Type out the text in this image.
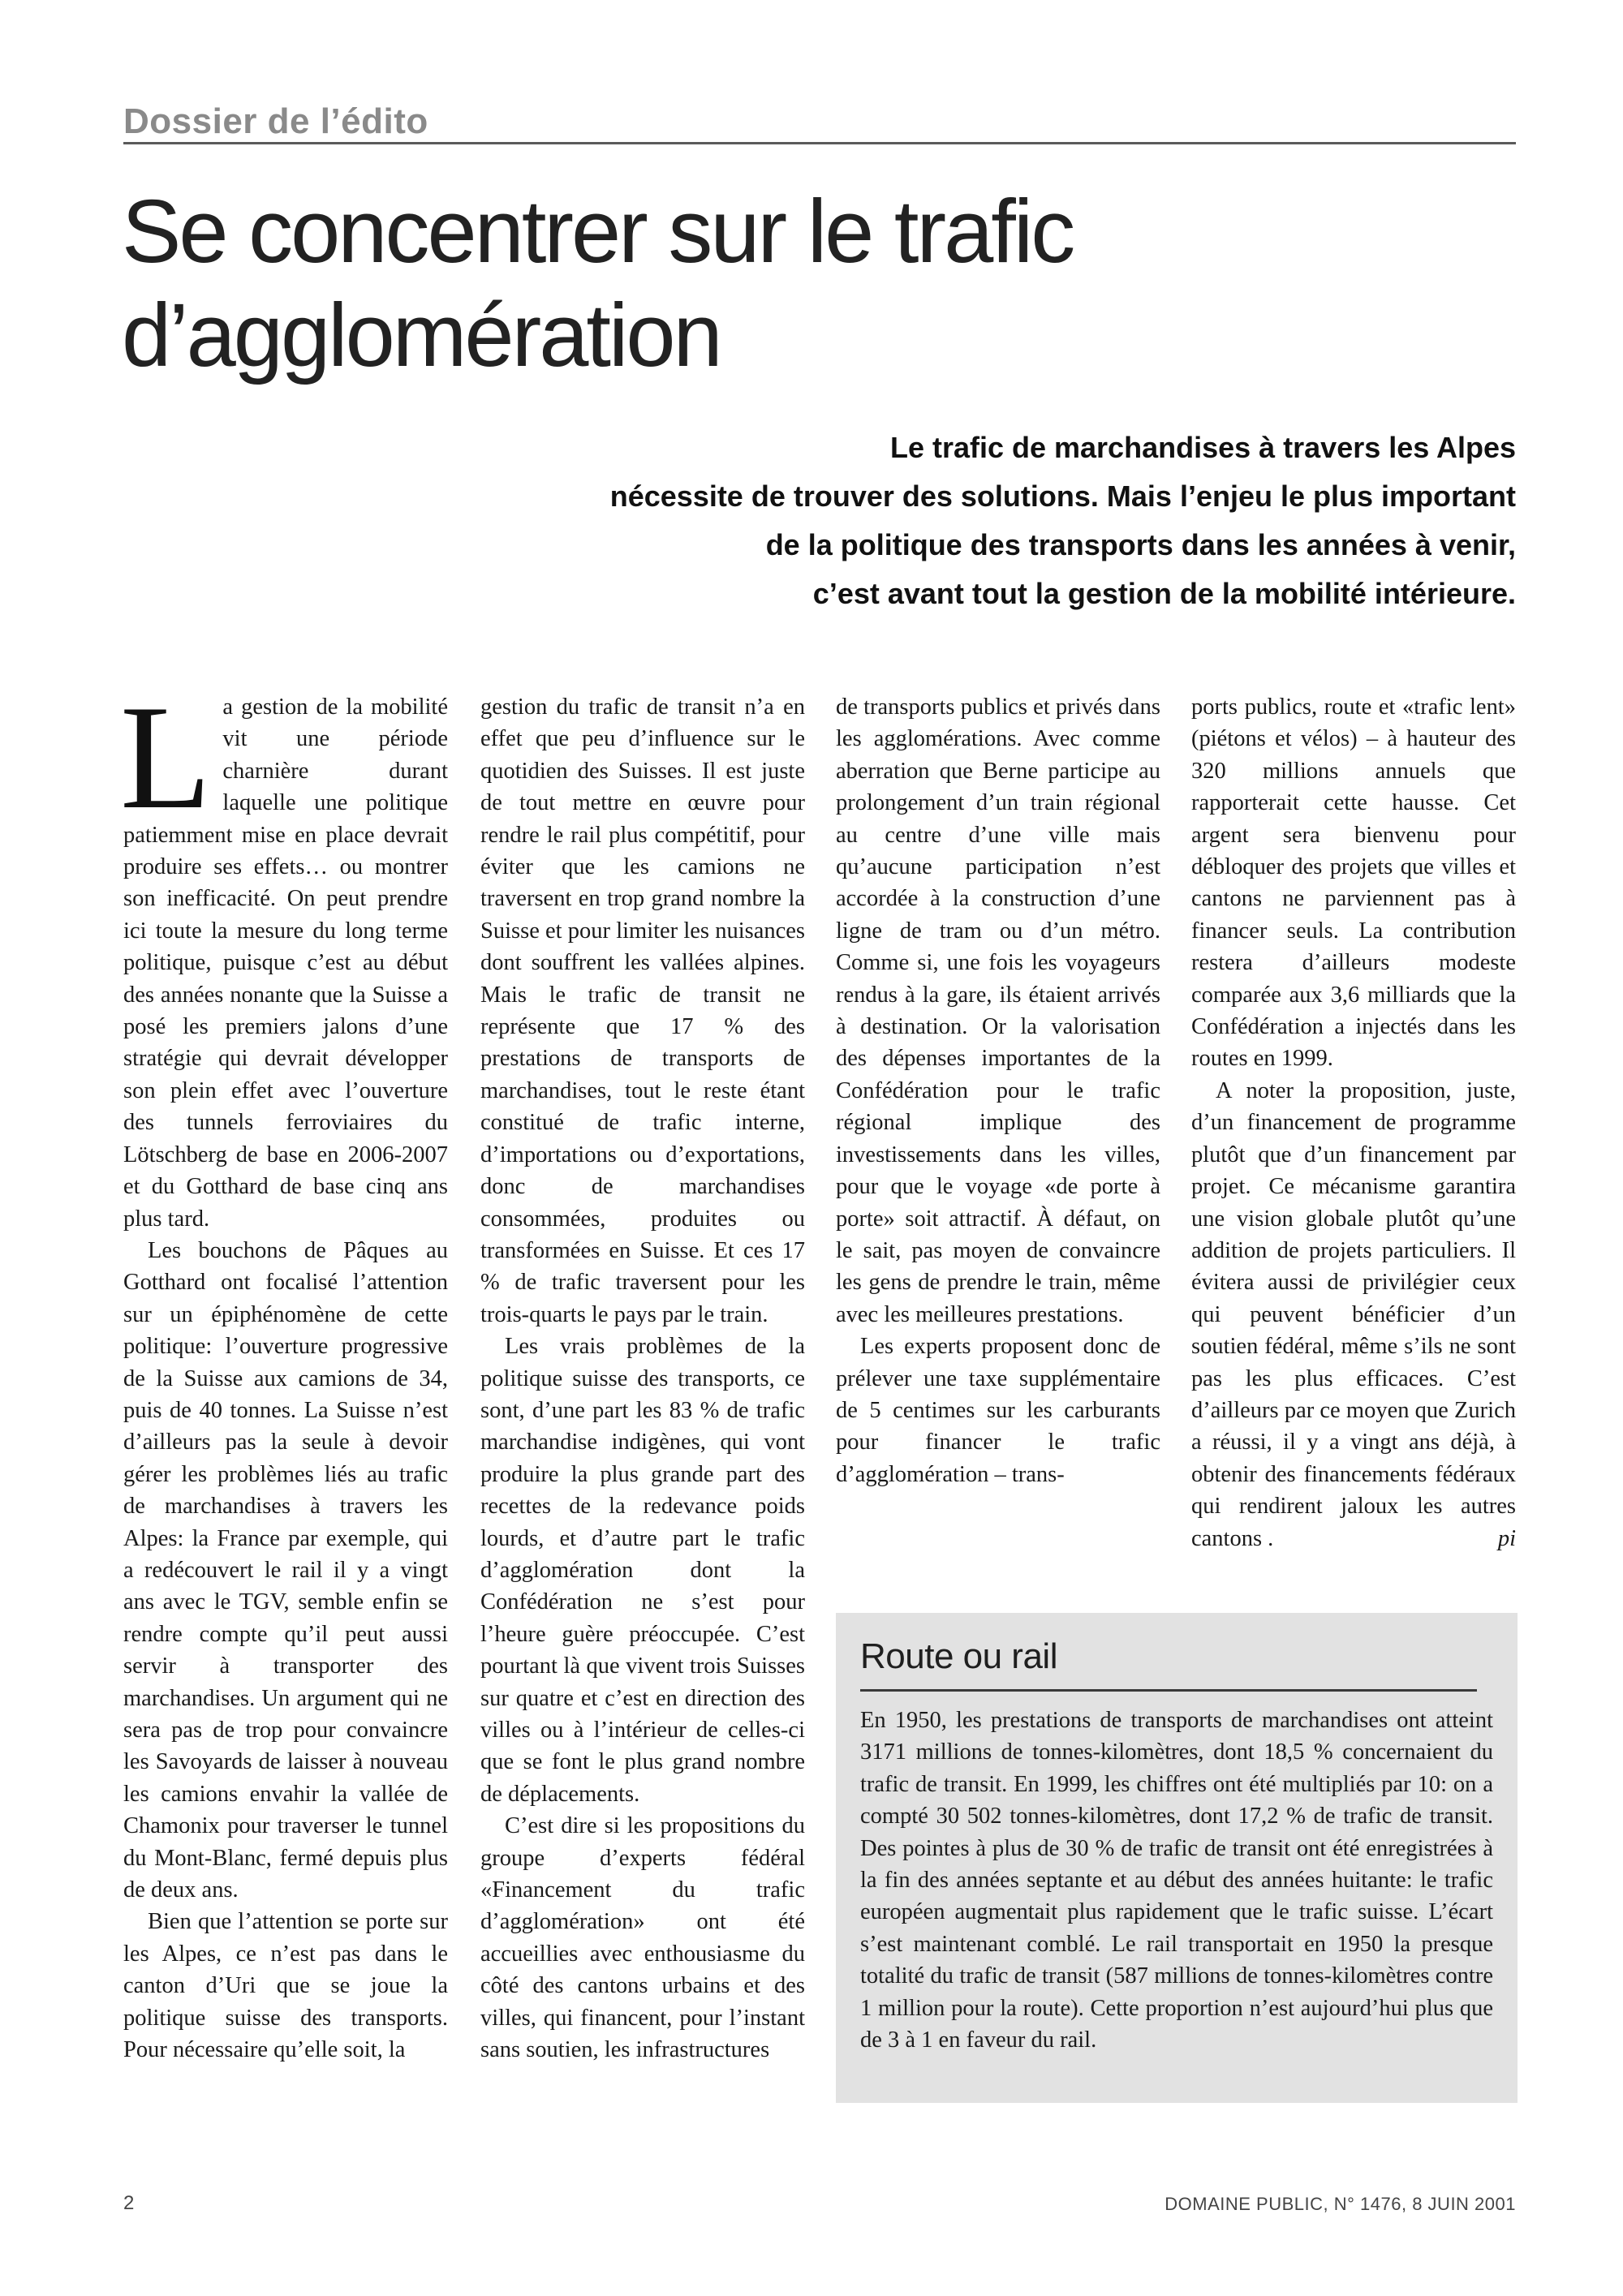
Dossier de l’édito
Se concentrer sur le trafic
d’agglomération
Le trafic de marchandises à travers les Alpes
nécessite de trouver des solutions. Mais l’enjeu le plus important
de la politique des transports dans les années à venir,
c’est avant tout la gestion de la mobilité intérieure.

La gestion de la mobilité vit une période charnière durant laquelle une politique patiemment mise en place devrait produire ses effets… ou montrer son inefficacité. On peut prendre ici toute la mesure du long terme politique, puisque c’est au début des années nonante que la Suisse a posé les premiers jalons d’une stratégie qui devrait développer son plein effet avec l’ouverture des tunnels ferroviaires du Lötschberg de base en 2006-2007 et du Gotthard de base cinq ans plus tard.

Les bouchons de Pâques au Gotthard ont focalisé l’attention sur un épiphénomène de cette politique: l’ouverture progressive de la Suisse aux camions de 34, puis de 40 tonnes. La Suisse n’est d’ailleurs pas la seule à devoir gérer les problèmes liés au trafic de marchandises à travers les Alpes: la France par exemple, qui a redécouvert le rail il y a vingt ans avec le TGV, semble enfin se rendre compte qu’il peut aussi servir à transporter des marchandises. Un argument qui ne sera pas de trop pour convaincre les Savoyards de laisser à nouveau les camions envahir la vallée de Chamonix pour traverser le tunnel du Mont-Blanc, fermé depuis plus de deux ans.

Bien que l’attention se porte sur les Alpes, ce n’est pas dans le canton d’Uri que se joue la politique suisse des transports. Pour nécessaire qu’elle soit, la

gestion du trafic de transit n’a en effet que peu d’influence sur le quotidien des Suisses. Il est juste de tout mettre en œuvre pour rendre le rail plus compétitif, pour éviter que les camions ne traversent en trop grand nombre la Suisse et pour limiter les nuisances dont souffrent les vallées alpines. Mais le trafic de transit ne représente que 17 % des prestations de transports de marchandises, tout le reste étant constitué de trafic interne, d’importations ou d’exportations, donc de marchandises consommées, produites ou transformées en Suisse. Et ces 17 % de trafic traversent pour les trois-quarts le pays par le train.

Les vrais problèmes de la politique suisse des transports, ce sont, d’une part les 83 % de trafic marchandise indigènes, qui vont produire la plus grande part des recettes de la redevance poids lourds, et d’autre part le trafic d’agglomération dont la Confédération ne s’est pour l’heure guère préoccupée. C’est pourtant là que vivent trois Suisses sur quatre et c’est en direction des villes ou à l’intérieur de celles-ci que se font le plus grand nombre de déplacements.

C’est dire si les propositions du groupe d’experts fédéral «Financement du trafic d’agglomération» ont été accueillies avec enthousiasme du côté des cantons urbains et des villes, qui financent, pour l’instant sans soutien, les infrastructures

de transports publics et privés dans les agglomérations. Avec comme aberration que Berne participe au prolongement d’un train régional au centre d’une ville mais qu’aucune participation n’est accordée à la construction d’une ligne de tram ou d’un métro. Comme si, une fois les voyageurs rendus à la gare, ils étaient arrivés à destination. Or la valorisation des dépenses importantes de la Confédération pour le trafic régional implique des investissements dans les villes, pour que le voyage «de porte à porte» soit attractif. À défaut, on le sait, pas moyen de convaincre les gens de prendre le train, même avec les meilleures prestations.

Les experts proposent donc de prélever une taxe supplémentaire de 5 centimes sur les carburants pour financer le trafic d’agglomération – trans-

ports publics, route et «trafic lent» (piétons et vélos) – à hauteur des 320 millions annuels que rapporterait cette hausse. Cet argent sera bienvenu pour débloquer des projets que villes et cantons ne parviennent pas à financer seuls. La contribution restera d’ailleurs modeste comparée aux 3,6 milliards que la Confédération a injectés dans les routes en 1999.

A noter la proposition, juste, d’un financement de programme plutôt que d’un financement par projet. Ce mécanisme garantira une vision globale plutôt qu’une addition de projets particuliers. Il évitera aussi de privilégier ceux qui peuvent bénéficier d’un soutien fédéral, même s’ils ne sont pas les plus efficaces. C’est d’ailleurs par ce moyen que Zurich a réussi, il y a vingt ans déjà, à obtenir des financements fédéraux qui rendirent jaloux les autres cantons .	pi

Route ou rail

En 1950, les prestations de transports de marchandises ont atteint 3171 millions de tonnes-kilomètres, dont 18,5 % concernaient du trafic de transit. En 1999, les chiffres ont été multipliés par 10: on a compté 30 502 tonnes-kilomètres, dont 17,2 % de trafic de transit. Des pointes à plus de 30 % de trafic de transit ont été enregistrées à la fin des années septante et au début des années huitante: le trafic européen augmentait plus rapidement que le trafic suisse. L’écart s’est maintenant comblé. Le rail transportait en 1950 la presque totalité du trafic de transit (587 millions de tonnes-kilomètres contre 1 million pour la route). Cette proportion n’est aujourd’hui plus que de 3 à 1 en faveur du rail.

2	DOMAINE PUBLIC, N° 1476, 8 JUIN 2001
